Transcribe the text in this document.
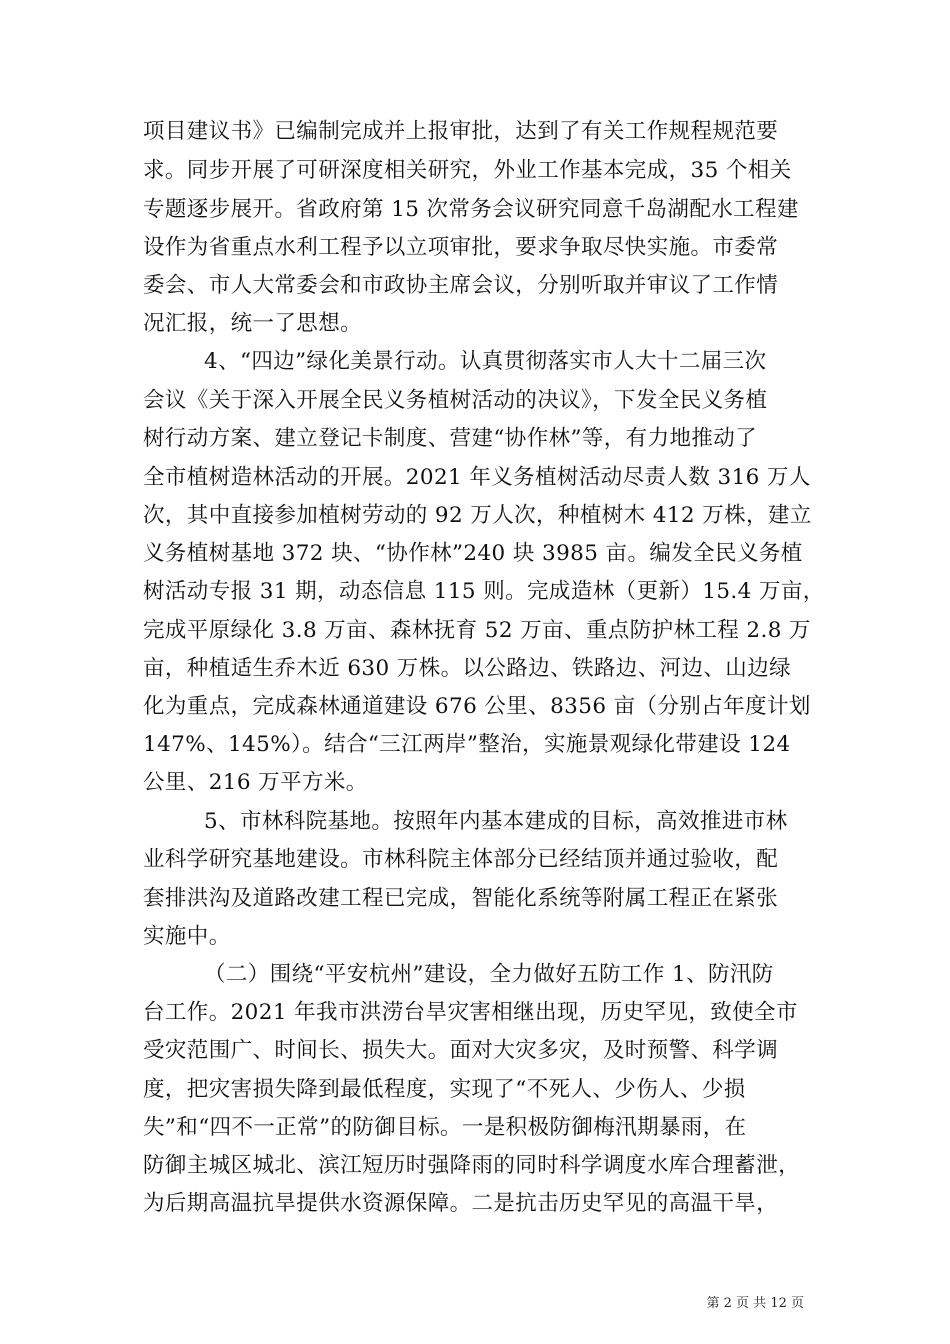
项目建议书》已编制完成并上报审批，达到了有关工作规程规范要
求。同步开展了可研深度相关研究，外业工作基本完成，35 个相关
专题逐步展开。省政府第 15 次常务会议研究同意千岛湖配水工程建
设作为省重点水利工程予以立项审批，要求争取尽快实施。市委常
委会、市人大常委会和市政协主席会议，分别听取并审议了工作情
况汇报，统一了思想。
4、“四边”绿化美景行动。认真贯彻落实市人大十二届三次
会议《关于深入开展全民义务植树活动的决议》，下发全民义务植
树行动方案、建立登记卡制度、营建“协作林”等，有力地推动了
全市植树造林活动的开展。2021 年义务植树活动尽责人数 316 万人
次，其中直接参加植树劳动的 92 万人次，种植树木 412 万株，建立
义务植树基地 372 块、“协作林”240 块 3985 亩。编发全民义务植
树活动专报 31 期，动态信息 115 则。完成造林（更新）15.4 万亩，
完成平原绿化 3.8 万亩、森林抚育 52 万亩、重点防护林工程 2.8 万
亩，种植适生乔木近 630 万株。以公路边、铁路边、河边、山边绿
化为重点，完成森林通道建设 676 公里、8356 亩（分别占年度计划
147%、145%）。结合“三江两岸”整治，实施景观绿化带建设 124
公里、216 万平方米。
5、市林科院基地。按照年内基本建成的目标，高效推进市林
业科学研究基地建设。市林科院主体部分已经结顶并通过验收，配
套排洪沟及道路改建工程已完成，智能化系统等附属工程正在紧张
实施中。
（二）围绕“平安杭州”建设，全力做好五防工作 1、防汛防
台工作。2021 年我市洪涝台旱灾害相继出现，历史罕见，致使全市
受灾范围广、时间长、损失大。面对大灾多灾，及时预警、科学调
度，把灾害损失降到最低程度，实现了“不死人、少伤人、少损
失”和“四不一正常”的防御目标。一是积极防御梅汛期暴雨，在
防御主城区城北、滨江短历时强降雨的同时科学调度水库合理蓄泄，
为后期高温抗旱提供水资源保障。二是抗击历史罕见的高温干旱，
第 2 页 共 12 页
